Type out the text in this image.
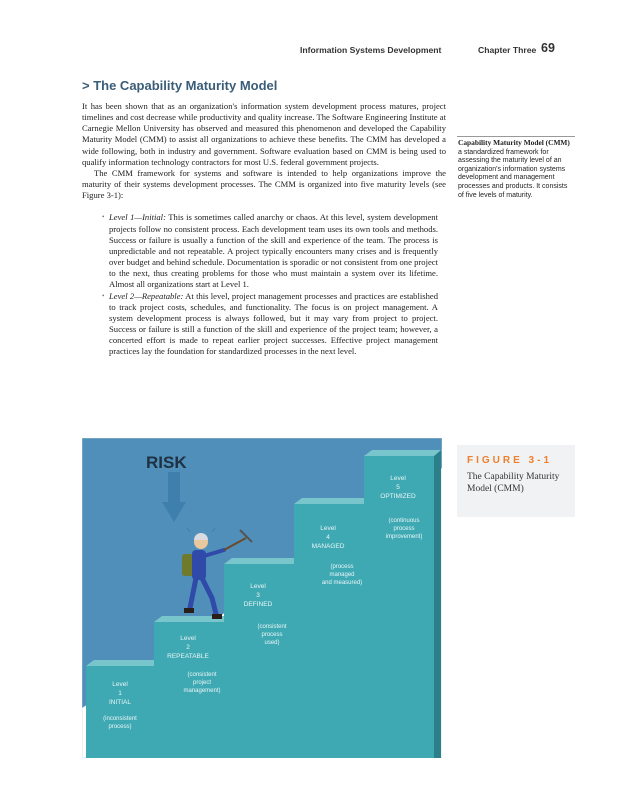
Information Systems Development	Chapter Three 69
> The Capability Maturity Model

It has been shown that as an organization's information system development process matures, project timelines and cost decrease while productivity and quality increase. The Software Engineering Institute at Carnegie Mellon University has observed and measured this phenomenon and developed the Capability Maturity Model (CMM) to assist all organizations to achieve these benefits. The CMM has developed a wide following, both in industry and government. Software evaluation based on CMM is being used to qualify information technology contractors for most U.S. federal government projects.

The CMM framework for systems and software is intended to help organizations improve the maturity of their systems development processes. The CMM is organized into five maturity levels (see Figure 3-1):

• Level 1—Initial: This is sometimes called anarchy or chaos. At this level, system development projects follow no consistent process. Each development team uses its own tools and methods. Success or failure is usually a function of the skill and experience of the team. The process is unpredictable and not repeatable. A project typically encounters many crises and is frequently over budget and behind schedule. Documentation is sporadic or not consistent from one project to the next, thus creating problems for those who must maintain a system over its lifetime. Almost all organizations start at Level 1.
• Level 2—Repeatable: At this level, project management processes and practices are established to track project costs, schedules, and functionality. The focus is on project management. A system development process is always followed, but it may vary from project to project. Success or failure is still a function of the skill and experience of the project team; however, a concerted effort is made to repeat earlier project successes. Effective project management practices lay the foundation for standardized processes in the next level.
Capability Maturity Model (CMM) a standardized framework for assessing the maturity level of an organization's information systems development and management processes and products. It consists of five levels of maturity.
RISK
Level
1
INITIAL
(inconsistent
process)
Level
2
REPEATABLE
(consistent
project
management)
Level
3
DEFINED
(consistent
process
used)
Level
4
MANAGED
(process
managed
and measured)
Level
5
OPTIMIZED
(continuous
process
improvement)
FIGURE 3-1
The Capability Maturity Model (CMM)
